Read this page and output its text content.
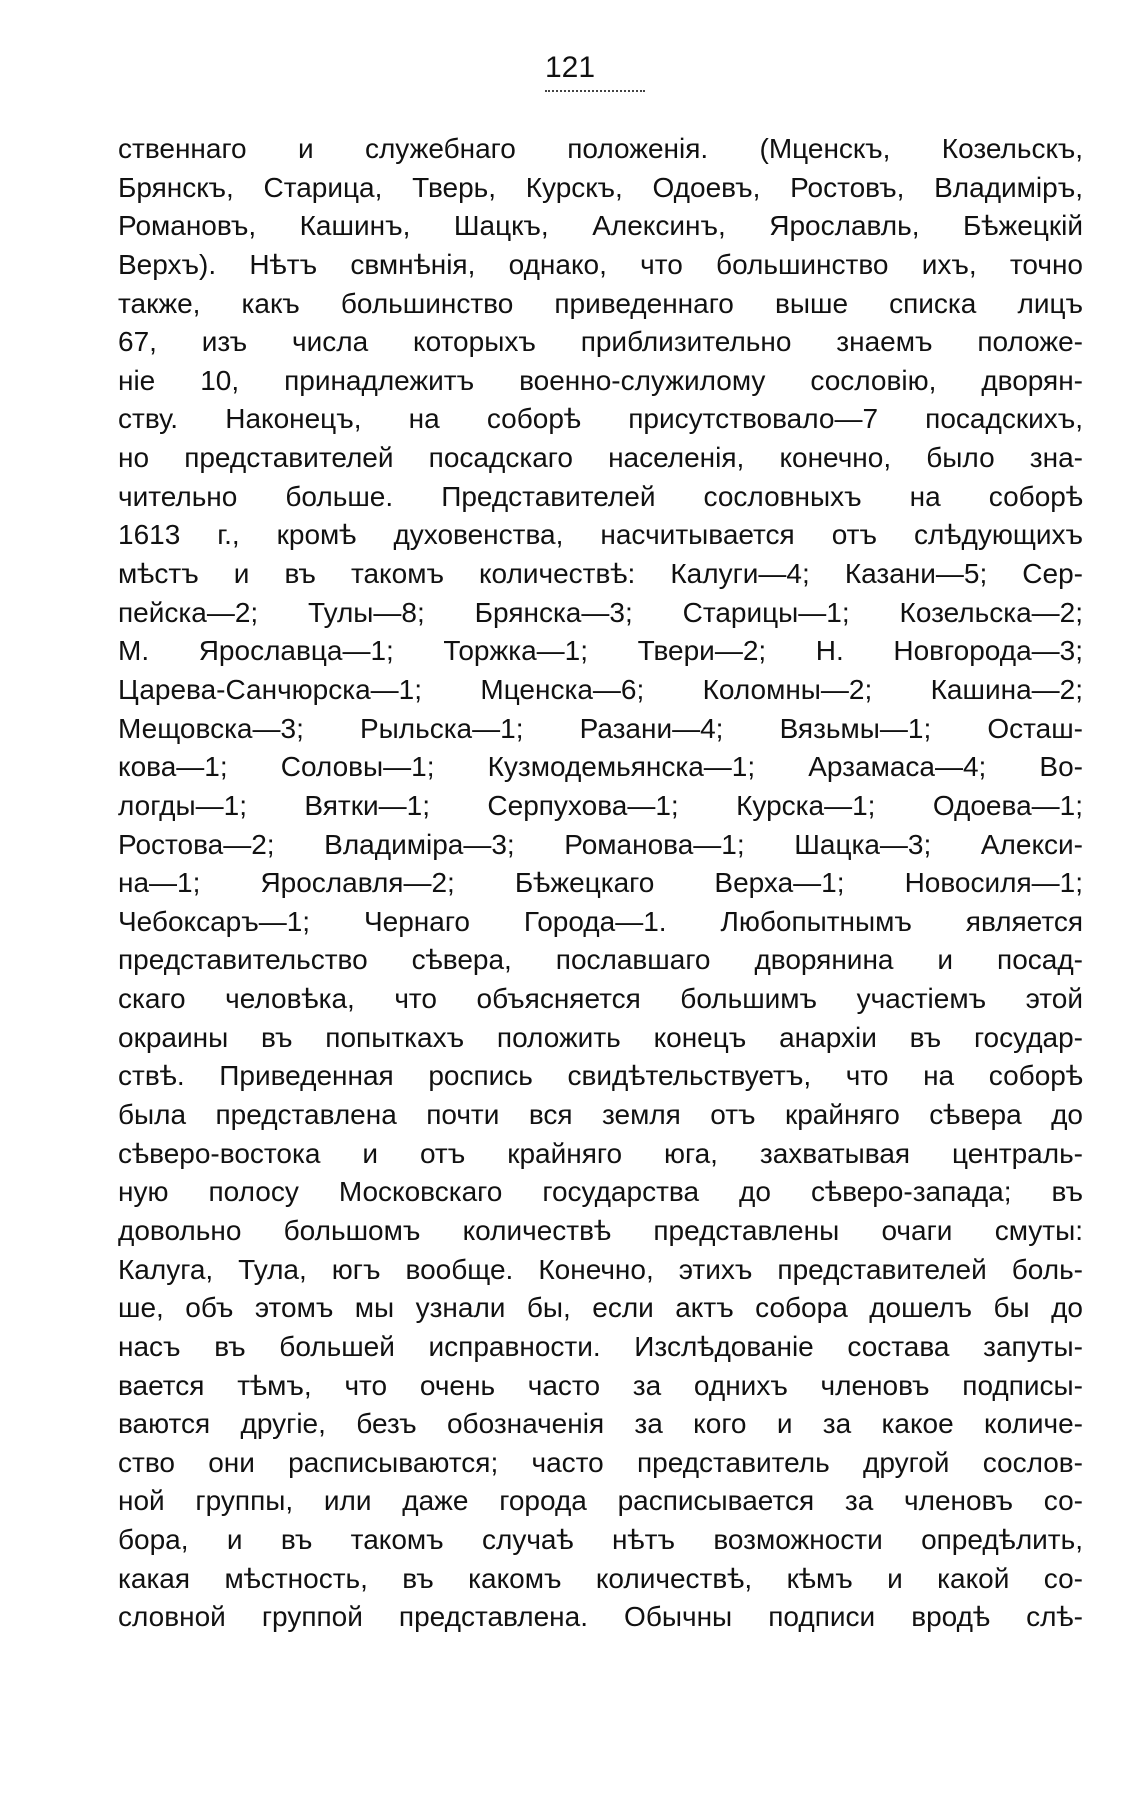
121
ственнаго и служебнаго положенія. (Мценскъ, Козельскъ,
Брянскъ, Старица, Тверь, Курскъ, Одоевъ, Ростовъ, Владиміръ,
Романовъ, Кашинъ, Шацкъ, Алексинъ, Ярославль, Бѣжецкій
Верхъ). Нѣтъ свмнѣнія, однако, что большинство ихъ, точно
также, какъ большинство приведеннаго выше списка лицъ
67, изъ числа которыхъ приблизительно знаемъ положе-
ніе 10, принадлежитъ военно-служилому сословію, дворян-
ству. Наконецъ, на соборѣ присутствовало—7 посадскихъ,
но представителей посадскаго населенія, конечно, было зна-
чительно больше. Представителей сословныхъ на соборѣ
1613 г., кромѣ духовенства, насчитывается отъ слѣдующихъ
мѣстъ и въ такомъ количествѣ: Калуги—4; Казани—5; Сер-
пейска—2; Тулы—8; Брянска—3; Старицы—1; Козельска—2;
М. Ярославца—1; Торжка—1; Твери—2; Н. Новгорода—3;
Царева-Санчюрска—1; Мценска—6; Коломны—2; Кашина—2;
Мещовска—3; Рыльска—1; Разани—4; Вязьмы—1; Осташ-
кова—1; Соловы—1; Кузмодемьянска—1; Арзамаса—4; Во-
логды—1; Вятки—1; Серпухова—1; Курска—1; Одоева—1;
Ростова—2; Владиміра—3; Романова—1; Шацка—3; Алекси-
на—1; Ярославля—2; Бѣжецкаго Верха—1; Новосиля—1;
Чебоксаръ—1; Чернаго Города—1. Любопытнымъ является
представительство сѣвера, пославшаго дворянина и посад-
скаго человѣка, что объясняется большимъ участіемъ этой
окраины въ попыткахъ положить конецъ анархіи въ государ-
ствѣ. Приведенная роспись свидѣтельствуетъ, что на соборѣ
была представлена почти вся земля отъ крайняго сѣвера до
сѣверо-востока и отъ крайняго юга, захватывая централь-
ную полосу Московскаго государства до сѣверо-запада; въ
довольно большомъ количествѣ представлены очаги смуты:
Калуга, Тула, югъ вообще. Конечно, этихъ представителей боль-
ше, объ этомъ мы узнали бы, если актъ собора дошелъ бы до
насъ въ большей исправности. Изслѣдованіе состава запуты-
вается тѣмъ, что очень часто за однихъ членовъ подписы-
ваются другіе, безъ обозначенія за кого и за какое количе-
ство они расписываются; часто представитель другой сослов-
ной группы, или даже города расписывается за членовъ со-
бора, и въ такомъ случаѣ нѣтъ возможности опредѣлить,
какая мѣстность, въ какомъ количествѣ, кѣмъ и какой со-
словной группой представлена. Обычны подписи вродѣ слѣ-
